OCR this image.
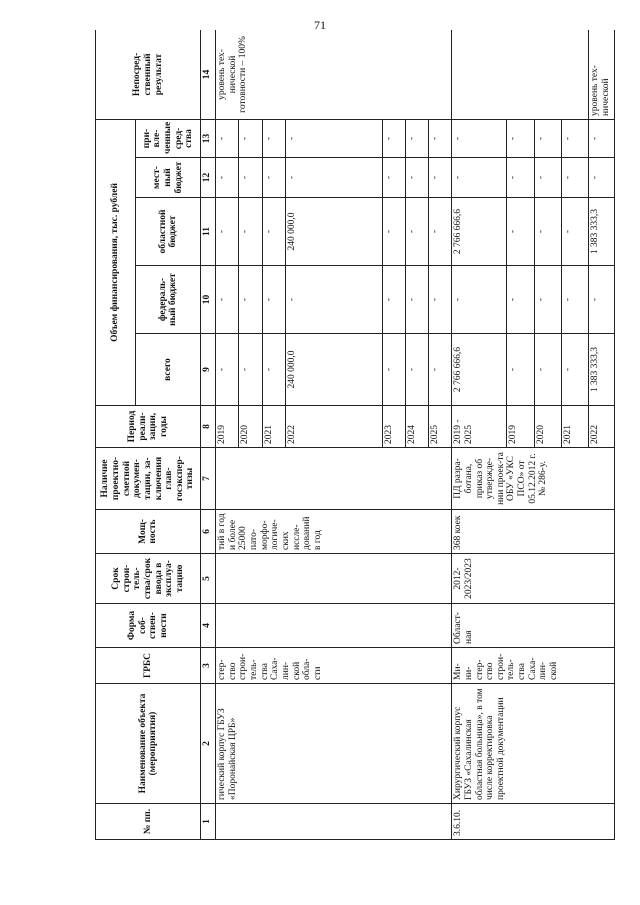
71
№ пп.	Наименование объекта (мероприятия)	ГРБС	Форма соб-ствен-ности	Срок строи-тель-ства/срок ввода в эксплуа-тацию	Мощ-ность	Наличие проектно-сметной докумен-тации, за-ключения глав-госэкспер-тизы	Период реали-зации, годы	Объем финансирования, тыс. рублей					Непосред-ственный результат
								всего	федераль-ный бюджет	областной бюджет	мест-ный бюджет	при-вле-ченные сред-ства	
1	2	3	4	5	6	7	8	9	10	11	12	13	14
	гический корпус ГБУЗ «Поронайская ЦРБ»	стер-ство строи-тель-ства Саха-лин-ской обла-сти			тий в год и более 25000 пато-морфо-логиче-ских иссле-дований в год		2019	-	-	-	-	-	уровень тех-нической готовности – 100%
							2020	-	-	-	-	-	
							2021	-	-	-	-	-	
							2022	240 000,0	-	240 000,0	-	-	
							2023	-	-	-	-	-	
							2024	-	-	-	-	-	
							2025	-	-	-	-	-	
3.6.10.	Хирургический корпус ГБУЗ «Сахалинская областная больница», в том числе корректировка проектной документации	Ми-ни-стер-ство строи-тель-ства Саха-лин-ской	Област-ная	2012-2023/2023	368 коек	ПД разра-ботана, приказ об утвержде-нии проек-та ОБУ «УКС ПСО» от 05.12.2012 г. № 286-у.	2019 - 2025	2 766 666,6	-	2 766 666,6	-	-	
							2019	-	-	-	-	-	
							2020	-	-	-	-	-	
							2021	-	-	-	-	-	
							2022	1 383 333,3	-	1 383 333,3	-	-	уровень тех-нической
